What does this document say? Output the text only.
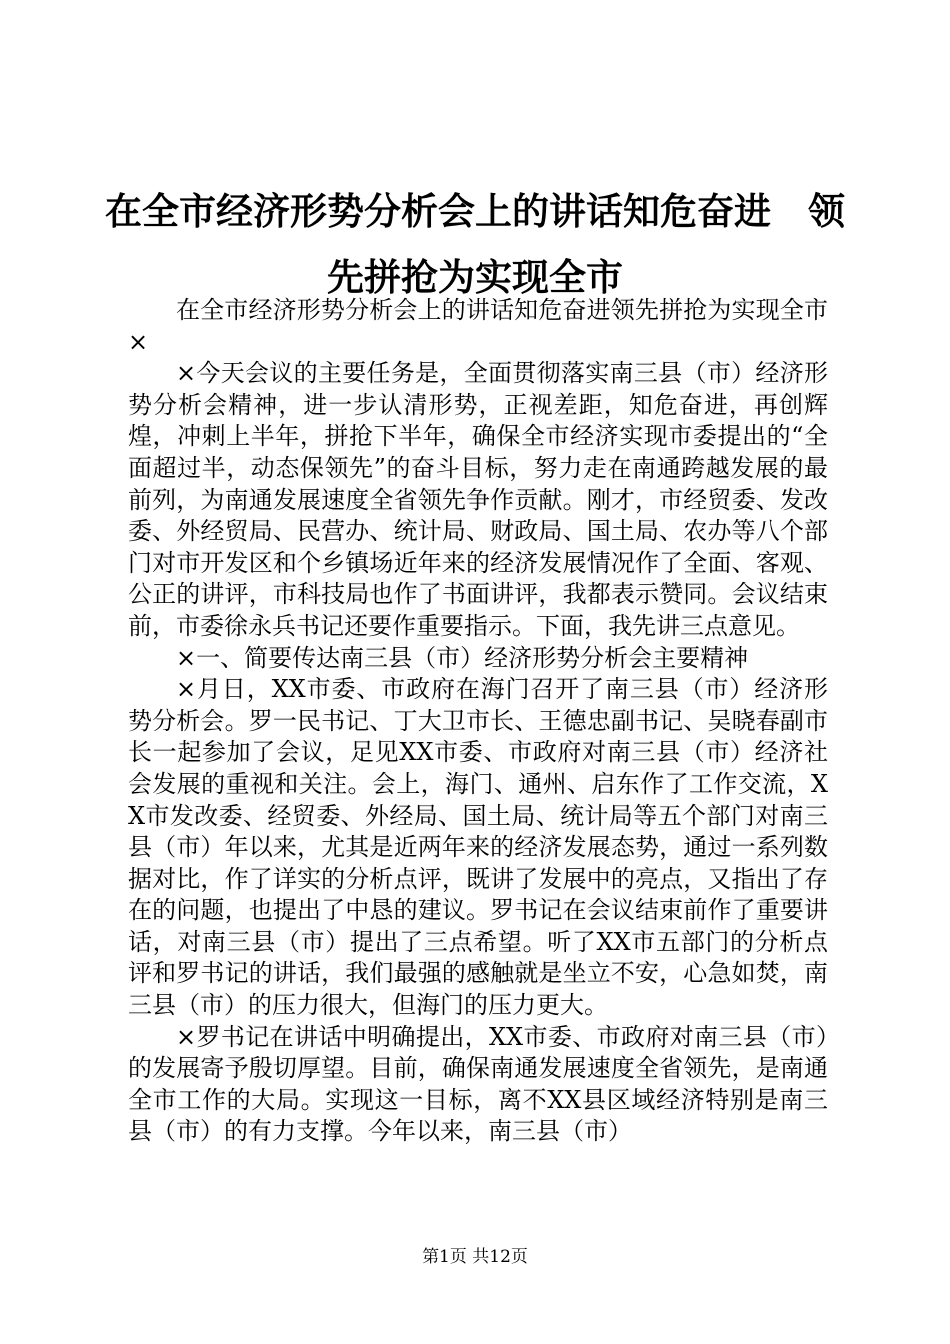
在全市经济形势分析会上的讲话知危奋进　领
先拼抢为实现全市

在全市经济形势分析会上的讲话知危奋进领先拼抢为实现全市×

×今天会议的主要任务是，全面贯彻落实南三县（市）经济形势分析会精神，进一步认清形势，正视差距，知危奋进，再创辉煌，冲刺上半年，拼抢下半年，确保全市经济实现市委提出的“全面超过半，动态保领先”的奋斗目标，努力走在南通跨越发展的最前列，为南通发展速度全省领先争作贡献。刚才，市经贸委、发改委、外经贸局、民营办、统计局、财政局、国土局、农办等八个部门对市开发区和个乡镇场近年来的经济发展情况作了全面、客观、公正的讲评，市科技局也作了书面讲评，我都表示赞同。会议结束前，市委徐永兵书记还要作重要指示。下面，我先讲三点意见。

×一、简要传达南三县（市）经济形势分析会主要精神

×月日，XX市委、市政府在海门召开了南三县（市）经济形势分析会。罗一民书记、丁大卫市长、王德忠副书记、吴晓春副市长一起参加了会议，足见XX市委、市政府对南三县（市）经济社会发展的重视和关注。会上，海门、通州、启东作了工作交流，XX市发改委、经贸委、外经局、国土局、统计局等五个部门对南三县（市）年以来，尤其是近两年来的经济发展态势，通过一系列数据对比，作了详实的分析点评，既讲了发展中的亮点，又指出了存在的问题，也提出了中恳的建议。罗书记在会议结束前作了重要讲话，对南三县（市）提出了三点希望。听了XX市五部门的分析点评和罗书记的讲话，我们最强的感触就是坐立不安，心急如焚，南三县（市）的压力很大，但海门的压力更大。

×罗书记在讲话中明确提出，XX市委、市政府对南三县（市）的发展寄予殷切厚望。目前，确保南通发展速度全省领先，是南通全市工作的大局。实现这一目标，离不XX县区域经济特别是南三县（市）的有力支撑。今年以来，南三县（市）

第1页 共12页
